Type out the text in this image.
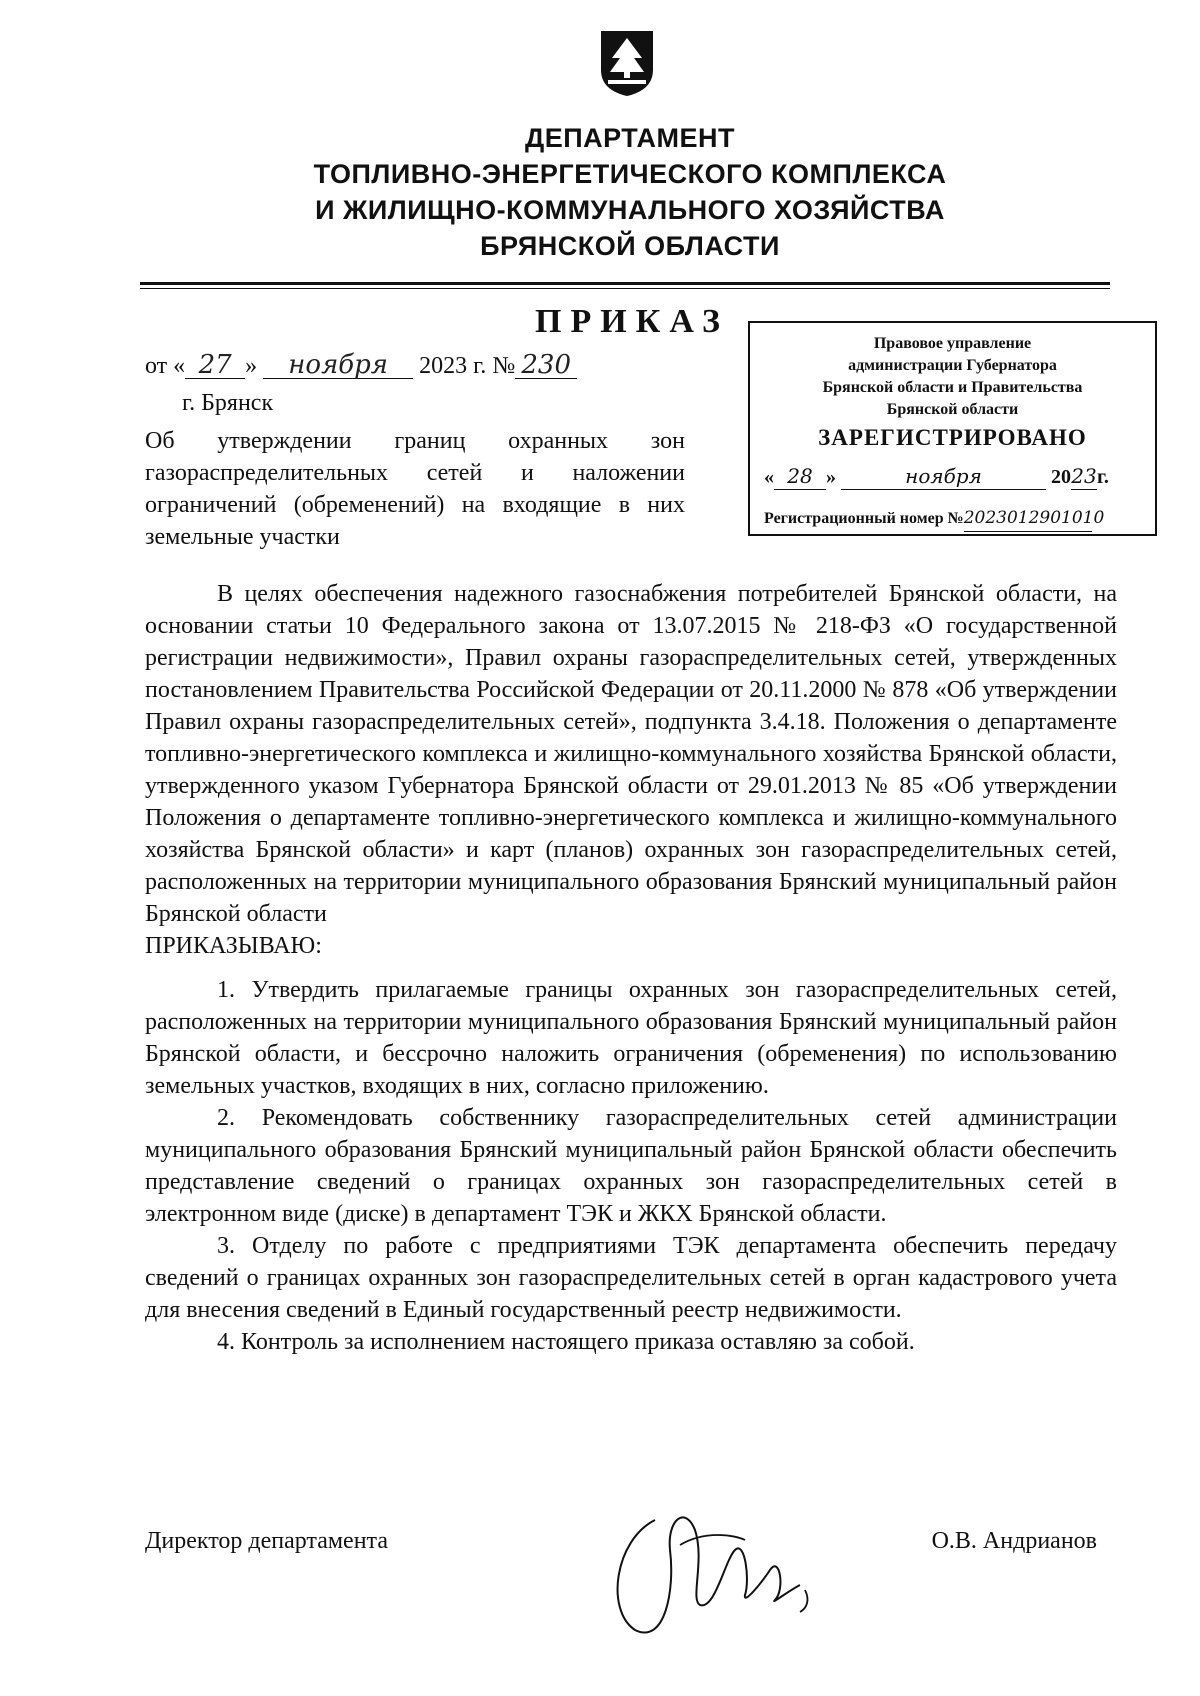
ДЕПАРТАМЕНТ
ТОПЛИВНО-ЭНЕРГЕТИЧЕСКОГО КОМПЛЕКСА
И ЖИЛИЩНО-КОММУНАЛЬНОГО ХОЗЯЙСТВА
БРЯНСКОЙ ОБЛАСТИ
ПРИКАЗ
от « 27 » ноября 2023 г. № 230
г. Брянск
Об утверждении границ охранных зон газораспределительных сетей и наложении ограничений (обременений) на входящие в них земельные участки
Правовое управление
администрации Губернатора
Брянской области и Правительства
Брянской области
ЗАРЕГИСТРИРОВАНО
« 28 »	ноября	2023г.
Регистрационный номер №2023012901010

В целях обеспечения надежного газоснабжения потребителей Брянской области, на основании статьи 10 Федерального закона от 13.07.2015 № 218-ФЗ «О государственной регистрации недвижимости», Правил охраны газораспределительных сетей, утвержденных постановлением Правительства Российской Федерации от 20.11.2000 № 878 «Об утверждении Правил охраны газораспределительных сетей», подпункта 3.4.18. Положения о департаменте топливно-энергетического комплекса и жилищно-коммунального хозяйства Брянской области, утвержденного указом Губернатора Брянской области от 29.01.2013 № 85 «Об утверждении Положения о департаменте топливно-энергетического комплекса и жилищно-коммунального хозяйства Брянской области» и карт (планов) охранных зон газораспределительных сетей, расположенных на территории муниципального образования Брянский муниципальный район Брянской области

ПРИКАЗЫВАЮ:

1. Утвердить прилагаемые границы охранных зон газораспределительных сетей, расположенных на территории муниципального образования Брянский муниципальный район Брянской области, и бессрочно наложить ограничения (обременения) по использованию земельных участков, входящих в них, согласно приложению.

2. Рекомендовать собственнику газораспределительных сетей администрации муниципального образования Брянский муниципальный район Брянской области обеспечить представление сведений о границах охранных зон газораспределительных сетей в электронном виде (диске) в департамент ТЭК и ЖКХ Брянской области.

3. Отделу по работе с предприятиями ТЭК департамента обеспечить передачу сведений о границах охранных зон газораспределительных сетей в орган кадастрового учета для внесения сведений в Единый государственный реестр недвижимости.

4. Контроль за исполнением настоящего приказа оставляю за собой.

Директор департамента	О.В. Андрианов
